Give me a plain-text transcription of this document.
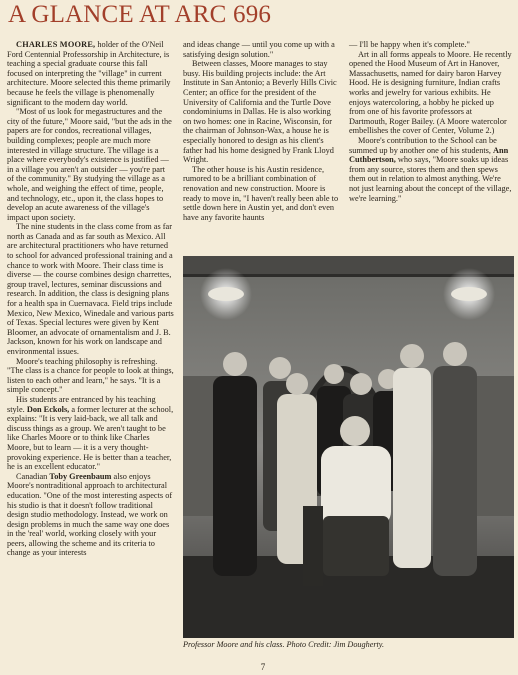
A GLANCE AT ARC 696

CHARLES MOORE, holder of the O'Neil Ford Centennial Professorship in Architecture, is teaching a special graduate course this fall focused on interpreting the "village" in current architecture. Moore selected this theme primarily because he feels the village is phenomenally significant to the modern day world.

"Most of us look for megastructures and the city of the future," Moore said, "but the ads in the papers are for condos, recreational villages, building complexes; people are much more interested in village structure. The village is a place where everybody's existence is justified — in a village you aren't an outsider — you're part of the community." By studying the village as a whole, and weighing the effect of time, people, and technology, etc., upon it, the class hopes to develop an acute awareness of the village's impact upon society.

The nine students in the class come from as far north as Canada and as far south as Mexico. All are architectural practitioners who have returned to school for advanced professional training and a chance to work with Moore. Their class time is diverse — the course combines design charrettes, group travel, lectures, seminar discussions and research. In addition, the class is designing plans for a health spa in Cuernavaca. Field trips include Mexico, New Mexico, Winedale and various parts of Texas. Special lectures were given by Kent Bloomer, an advocate of ornamentalism and J. B. Jackson, known for his work on landscape and environmental issues.

Moore's teaching philosophy is refreshing. "The class is a chance for people to look at things, listen to each other and learn," he says. "It is a simple concept."

His students are entranced by his teaching style. Don Eckols, a former lecturer at the school, explains: "It is very laid-back, we all talk and discuss things as a group. We aren't taught to be like Charles Moore or to think like Charles Moore, but to learn — it is a very thought-provoking experience. He is better than a teacher, he is an excellent educator."

Canadian Toby Greenbaum also enjoys Moore's nontraditional approach to architectural education. "One of the most interesting aspects of his studio is that it doesn't follow traditional design studio methodology. Instead, we work on design problems in much the same way one does in the 'real' world, working closely with your peers, allowing the scheme and its criteria to change as your interests

and ideas change — until you come up with a satisfying design solution."

Between classes, Moore manages to stay busy. His building projects include: the Art Institute in San Antonio; a Beverly Hills Civic Center; an office for the president of the University of California and the Turtle Dove condominiums in Dallas. He is also working on two homes: one in Racine, Wisconsin, for the chairman of Johnson-Wax, a house he is especially honored to design as his client's father had his home designed by Frank Lloyd Wright.

The other house is his Austin residence, rumored to be a brilliant combination of renovation and new construction. Moore is ready to move in, "I haven't really been able to settle down here in Austin yet, and don't even have any favorite haunts

— I'll be happy when it's complete."

Art in all forms appeals to Moore. He recently opened the Hood Museum of Art in Hanover, Massachusetts, named for dairy baron Harvey Hood. He is designing furniture, Indian crafts works and jewelry for various exhibits. He enjoys watercoloring, a hobby he picked up from one of his favorite professors at Dartmouth, Roger Bailey. (A Moore watercolor embellishes the cover of Center, Volume 2.)

Moore's contribution to the School can be summed up by another one of his students, Ann Cuthbertson, who says, "Moore soaks up ideas from any source, stores them and then spews them out in relation to almost anything. We're not just learning about the concept of the village, we're learning."

Professor Moore and his class. Photo Credit: Jim Dougherty.
7
